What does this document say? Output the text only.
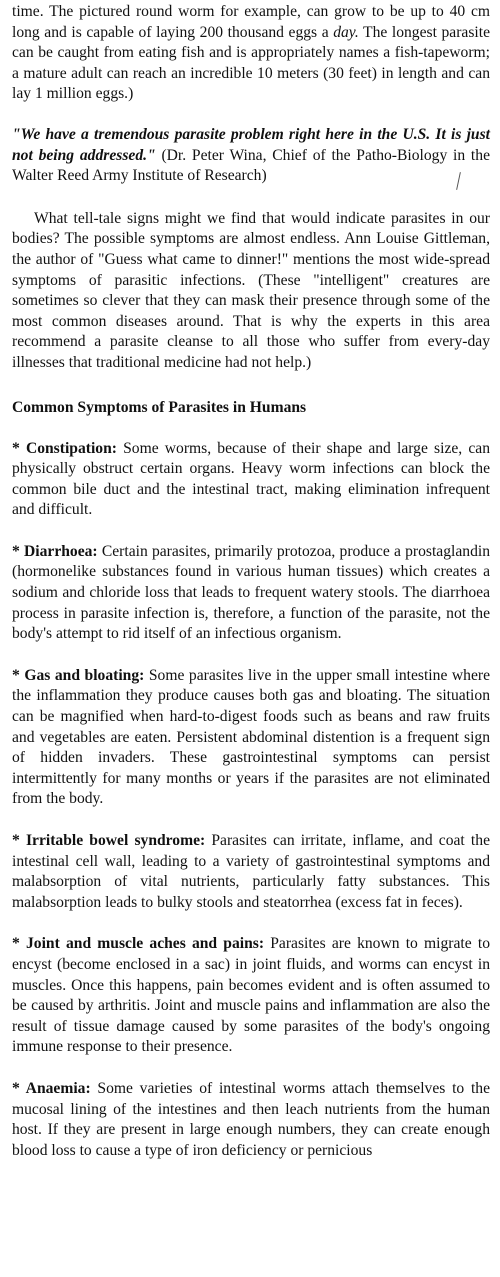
time. The pictured round worm for example, can grow to be up to 40 cm long and is capable of laying 200 thousand eggs a day. The longest parasite can be caught from eating fish and is appropriately names a fish-tapeworm; a mature adult can reach an incredible 10 meters (30 feet) in length and can lay 1 million eggs.)

"We have a tremendous parasite problem right here in the U.S. It is just not being addressed." (Dr. Peter Wina, Chief of the Patho-Biology in the Walter Reed Army Institute of Research)

What tell-tale signs might we find that would indicate parasites in our bodies? The possible symptoms are almost endless. Ann Louise Gittleman, the author of "Guess what came to dinner!" mentions the most wide-spread symptoms of parasitic infections. (These "intelligent" creatures are sometimes so clever that they can mask their presence through some of the most common diseases around. That is why the experts in this area recommend a parasite cleanse to all those who suffer from every-day illnesses that traditional medicine had not help.)

Common Symptoms of Parasites in Humans

* Constipation: Some worms, because of their shape and large size, can physically obstruct certain organs. Heavy worm infections can block the common bile duct and the intestinal tract, making elimination infrequent and difficult.

* Diarrhoea: Certain parasites, primarily protozoa, produce a prostaglandin (hormonelike substances found in various human tissues) which creates a sodium and chloride loss that leads to frequent watery stools. The diarrhoea process in parasite infection is, therefore, a function of the parasite, not the body's attempt to rid itself of an infectious organism.

* Gas and bloating: Some parasites live in the upper small intestine where the inflammation they produce causes both gas and bloating. The situation can be magnified when hard-to-digest foods such as beans and raw fruits and vegetables are eaten. Persistent abdominal distention is a frequent sign of hidden invaders. These gastrointestinal symptoms can persist intermittently for many months or years if the parasites are not eliminated from the body.

* Irritable bowel syndrome: Parasites can irritate, inflame, and coat the intestinal cell wall, leading to a variety of gastrointestinal symptoms and malabsorption of vital nutrients, particularly fatty substances. This malabsorption leads to bulky stools and steatorrhea (excess fat in feces).

* Joint and muscle aches and pains: Parasites are known to migrate to encyst (become enclosed in a sac) in joint fluids, and worms can encyst in muscles. Once this happens, pain becomes evident and is often assumed to be caused by arthritis. Joint and muscle pains and inflammation are also the result of tissue damage caused by some parasites of the body's ongoing immune response to their presence.

* Anaemia: Some varieties of intestinal worms attach themselves to the mucosal lining of the intestines and then leach nutrients from the human host. If they are present in large enough numbers, they can create enough blood loss to cause a type of iron deficiency or pernicious
